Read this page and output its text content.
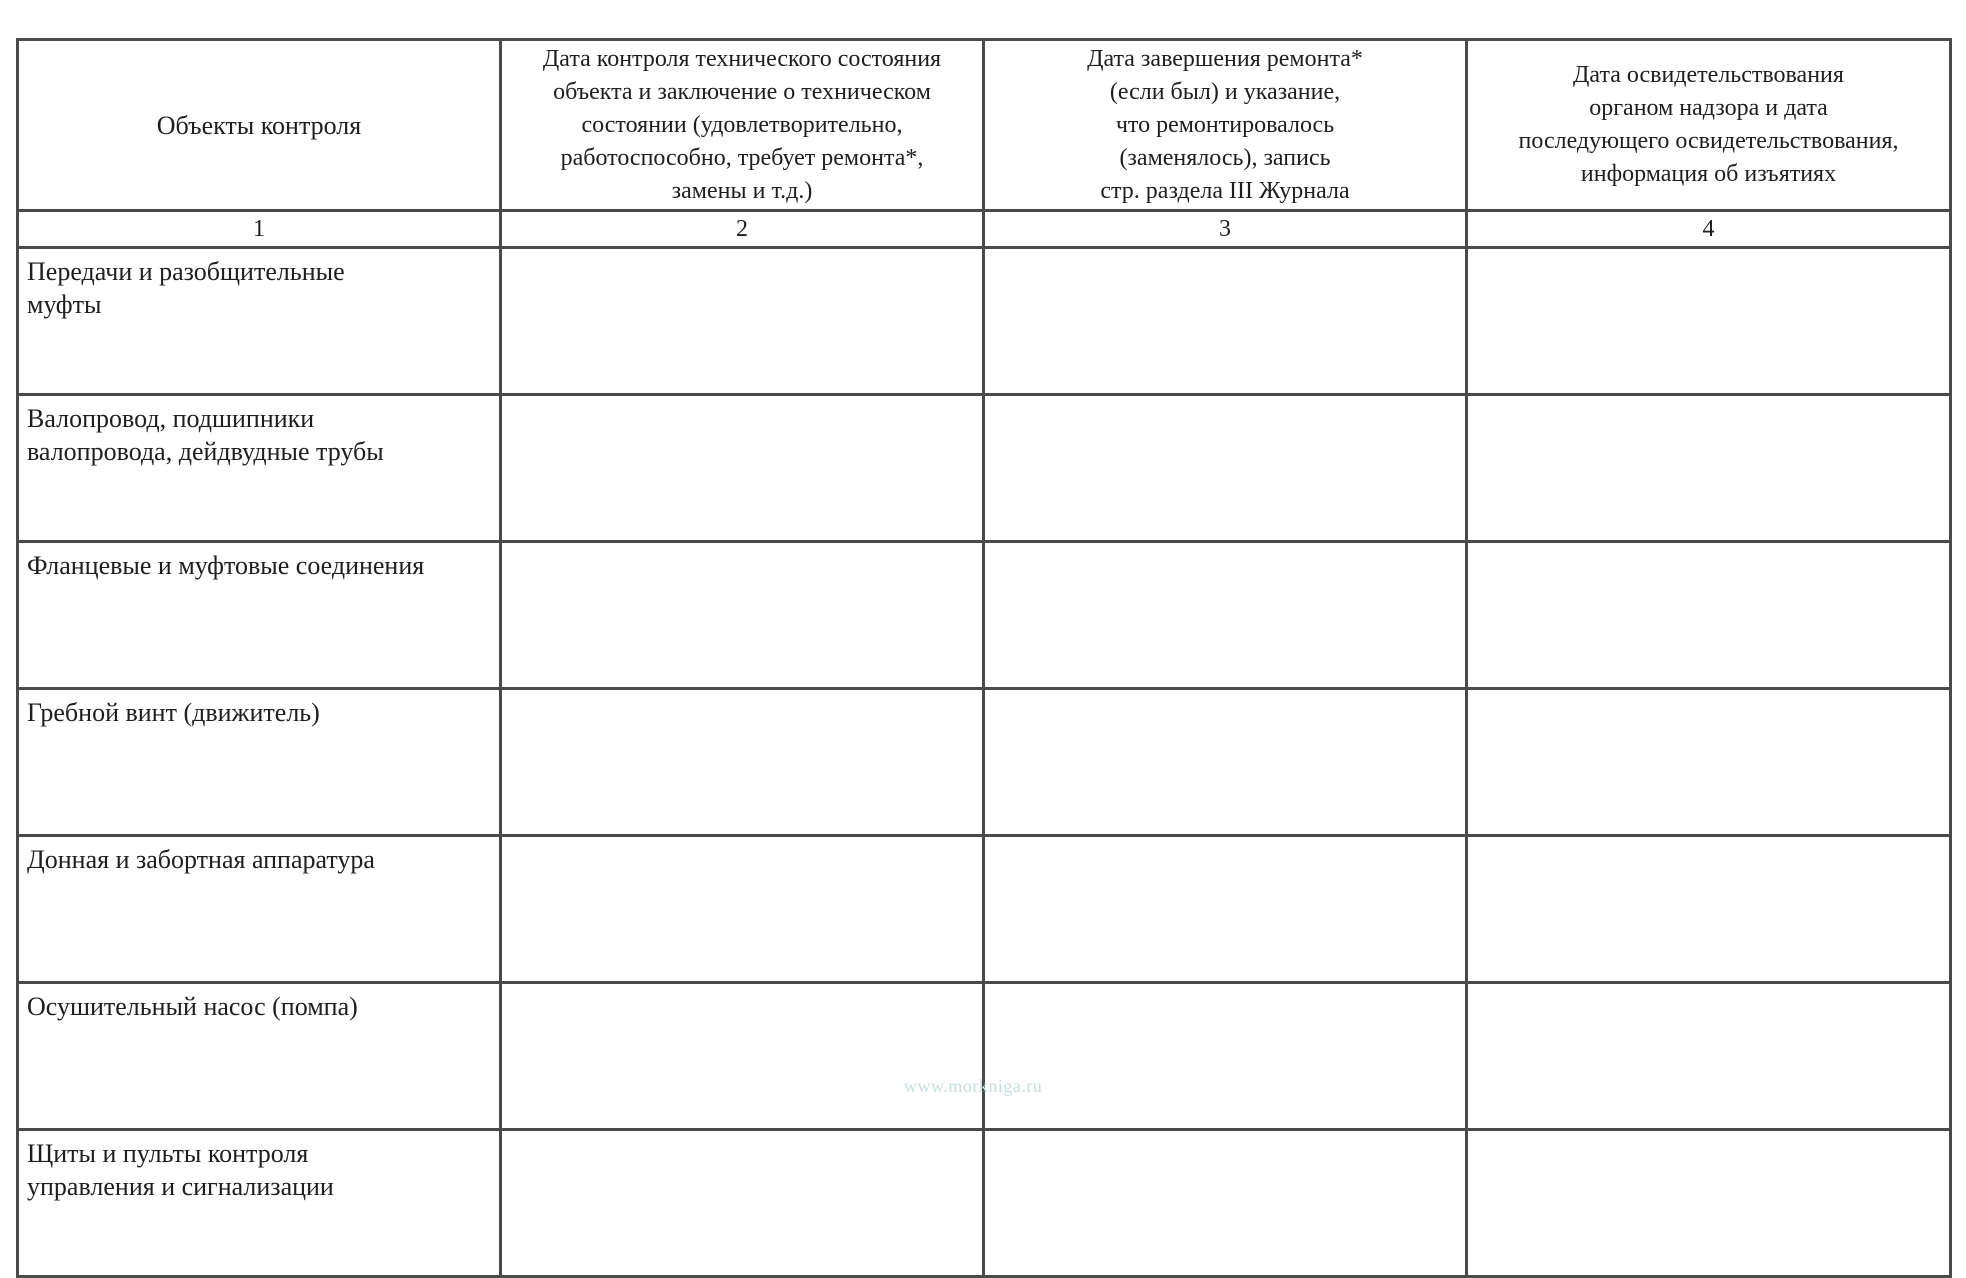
Объекты контроля	Дата контроля технического состояния
объекта и заключение о техническом
состоянии (удовлетворительно,
работоспособно, требует ремонта*,
замены и т.д.)	Дата завершения ремонта*
(если был) и указание,
что ремонтировалось
(заменялось), запись
стр. раздела III Журнала	Дата освидетельствования
органом надзора и дата
последующего освидетельствования,
информация об изъятиях
1	2	3	4
Передачи и разобщительные
муфты			
Валопровод, подшипники
валопровода, дейдвудные трубы			
Фланцевые и муфтовые соединения			
Гребной винт (движитель)			
Донная и забортная аппаратура			
Осушительный насос (помпа)			
Щиты и пульты контроля
управления и сигнализации			
www.morkniga.ru
